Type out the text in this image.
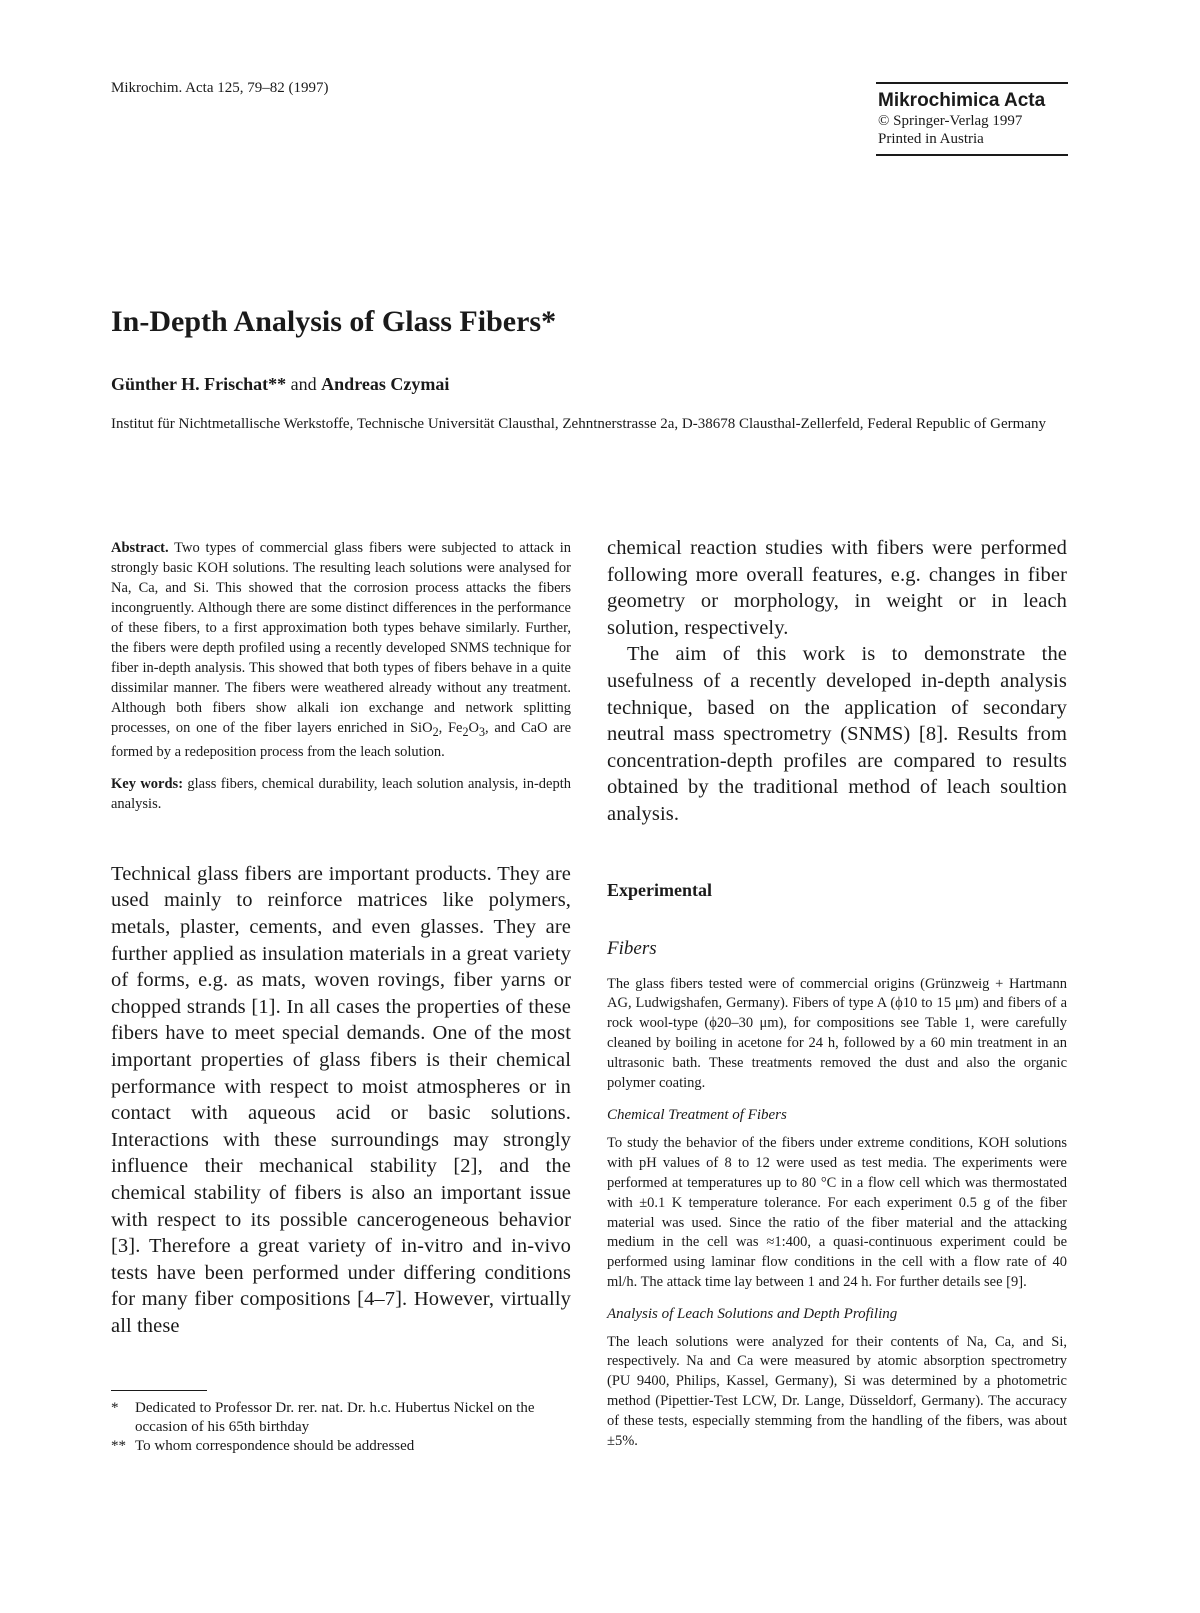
Mikrochim. Acta 125, 79–82 (1997)
Mikrochimica Acta
© Springer-Verlag 1997
Printed in Austria
In-Depth Analysis of Glass Fibers*
Günther H. Frischat** and Andreas Czymai
Institut für Nichtmetallische Werkstoffe, Technische Universität Clausthal, Zehntnerstrasse 2a, D-38678 Clausthal-Zellerfeld, Federal Republic of Germany

Abstract. Two types of commercial glass fibers were subjected to attack in strongly basic KOH solutions. The resulting leach solutions were analysed for Na, Ca, and Si. This showed that the corrosion process attacks the fibers incongruently. Although there are some distinct differences in the performance of these fibers, to a first approximation both types behave similarly. Further, the fibers were depth profiled using a recently developed SNMS technique for fiber in-depth analysis. This showed that both types of fibers behave in a quite dissimilar manner. The fibers were weathered already without any treatment. Although both fibers show alkali ion exchange and network splitting processes, on one of the fiber layers enriched in SiO$_2$, $Fe_2O_3$, and CaO are formed by a redeposition process from the leach solution.

Key words: glass fibers, chemical durability, leach solution analysis, in-depth analysis.

Technical glass fibers are important products. They are used mainly to reinforce matrices like polymers, metals, plaster, cements, and even glasses. They are further applied as insulation materials in a great variety of forms, e.g. as mats, woven rovings, fiber yarns or chopped strands [1]. In all cases the properties of these fibers have to meet special demands. One of the most important properties of glass fibers is their chemical performance with respect to moist atmospheres or in contact with aqueous acid or basic solutions. Interactions with these surroundings may strongly influence their mechanical stability [2], and the chemical stability of fibers is also an important issue with respect to its possible cancerogeneous behavior [3]. Therefore a great variety of in-vitro and in-vivo tests have been performed under differing conditions for many fiber compositions [4–7]. However, virtually all these

*	Dedicated to Professor Dr. rer. nat. Dr. h.c. Hubertus Nickel on the occasion of his 65th birthday
** To whom correspondence should be addressed

chemical reaction studies with fibers were performed following more overall features, e.g. changes in fiber geometry or morphology, in weight or in leach solution, respectively.

The aim of this work is to demonstrate the usefulness of a recently developed in-depth analysis technique, based on the application of secondary neutral mass spectrometry (SNMS) [8]. Results from concentration-depth profiles are compared to results obtained by the traditional method of leach soultion analysis.

Experimental
Fibers

The glass fibers tested were of commercial origins (Grünzweig + Hartmann AG, Ludwigshafen, Germany). Fibers of type A (ϕ10 to 15 μm) and fibers of a rock wool-type (ϕ20–30 μm), for compositions see Table 1, were carefully cleaned by boiling in acetone for 24 h, followed by a 60 min treatment in an ultrasonic bath. These treatments removed the dust and also the organic polymer coating.

Chemical Treatment of Fibers

To study the behavior of the fibers under extreme conditions, KOH solutions with pH values of 8 to 12 were used as test media. The experiments were performed at temperatures up to 80 °C in a flow cell which was thermostated with ±0.1 K temperature tolerance. For each experiment 0.5 g of the fiber material was used. Since the ratio of the fiber material and the attacking medium in the cell was ≈1:400, a quasi-continuous experiment could be performed using laminar flow conditions in the cell with a flow rate of 40 ml/h. The attack time lay between 1 and 24 h. For further details see [9].

Analysis of Leach Solutions and Depth Profiling

The leach solutions were analyzed for their contents of Na, Ca, and Si, respectively. Na and Ca were measured by atomic absorption spectrometry (PU 9400, Philips, Kassel, Germany), Si was determined by a photometric method (Pipettier-Test LCW, Dr. Lange, Düsseldorf, Germany). The accuracy of these tests, especially stemming from the handling of the fibers, was about ±5%.
